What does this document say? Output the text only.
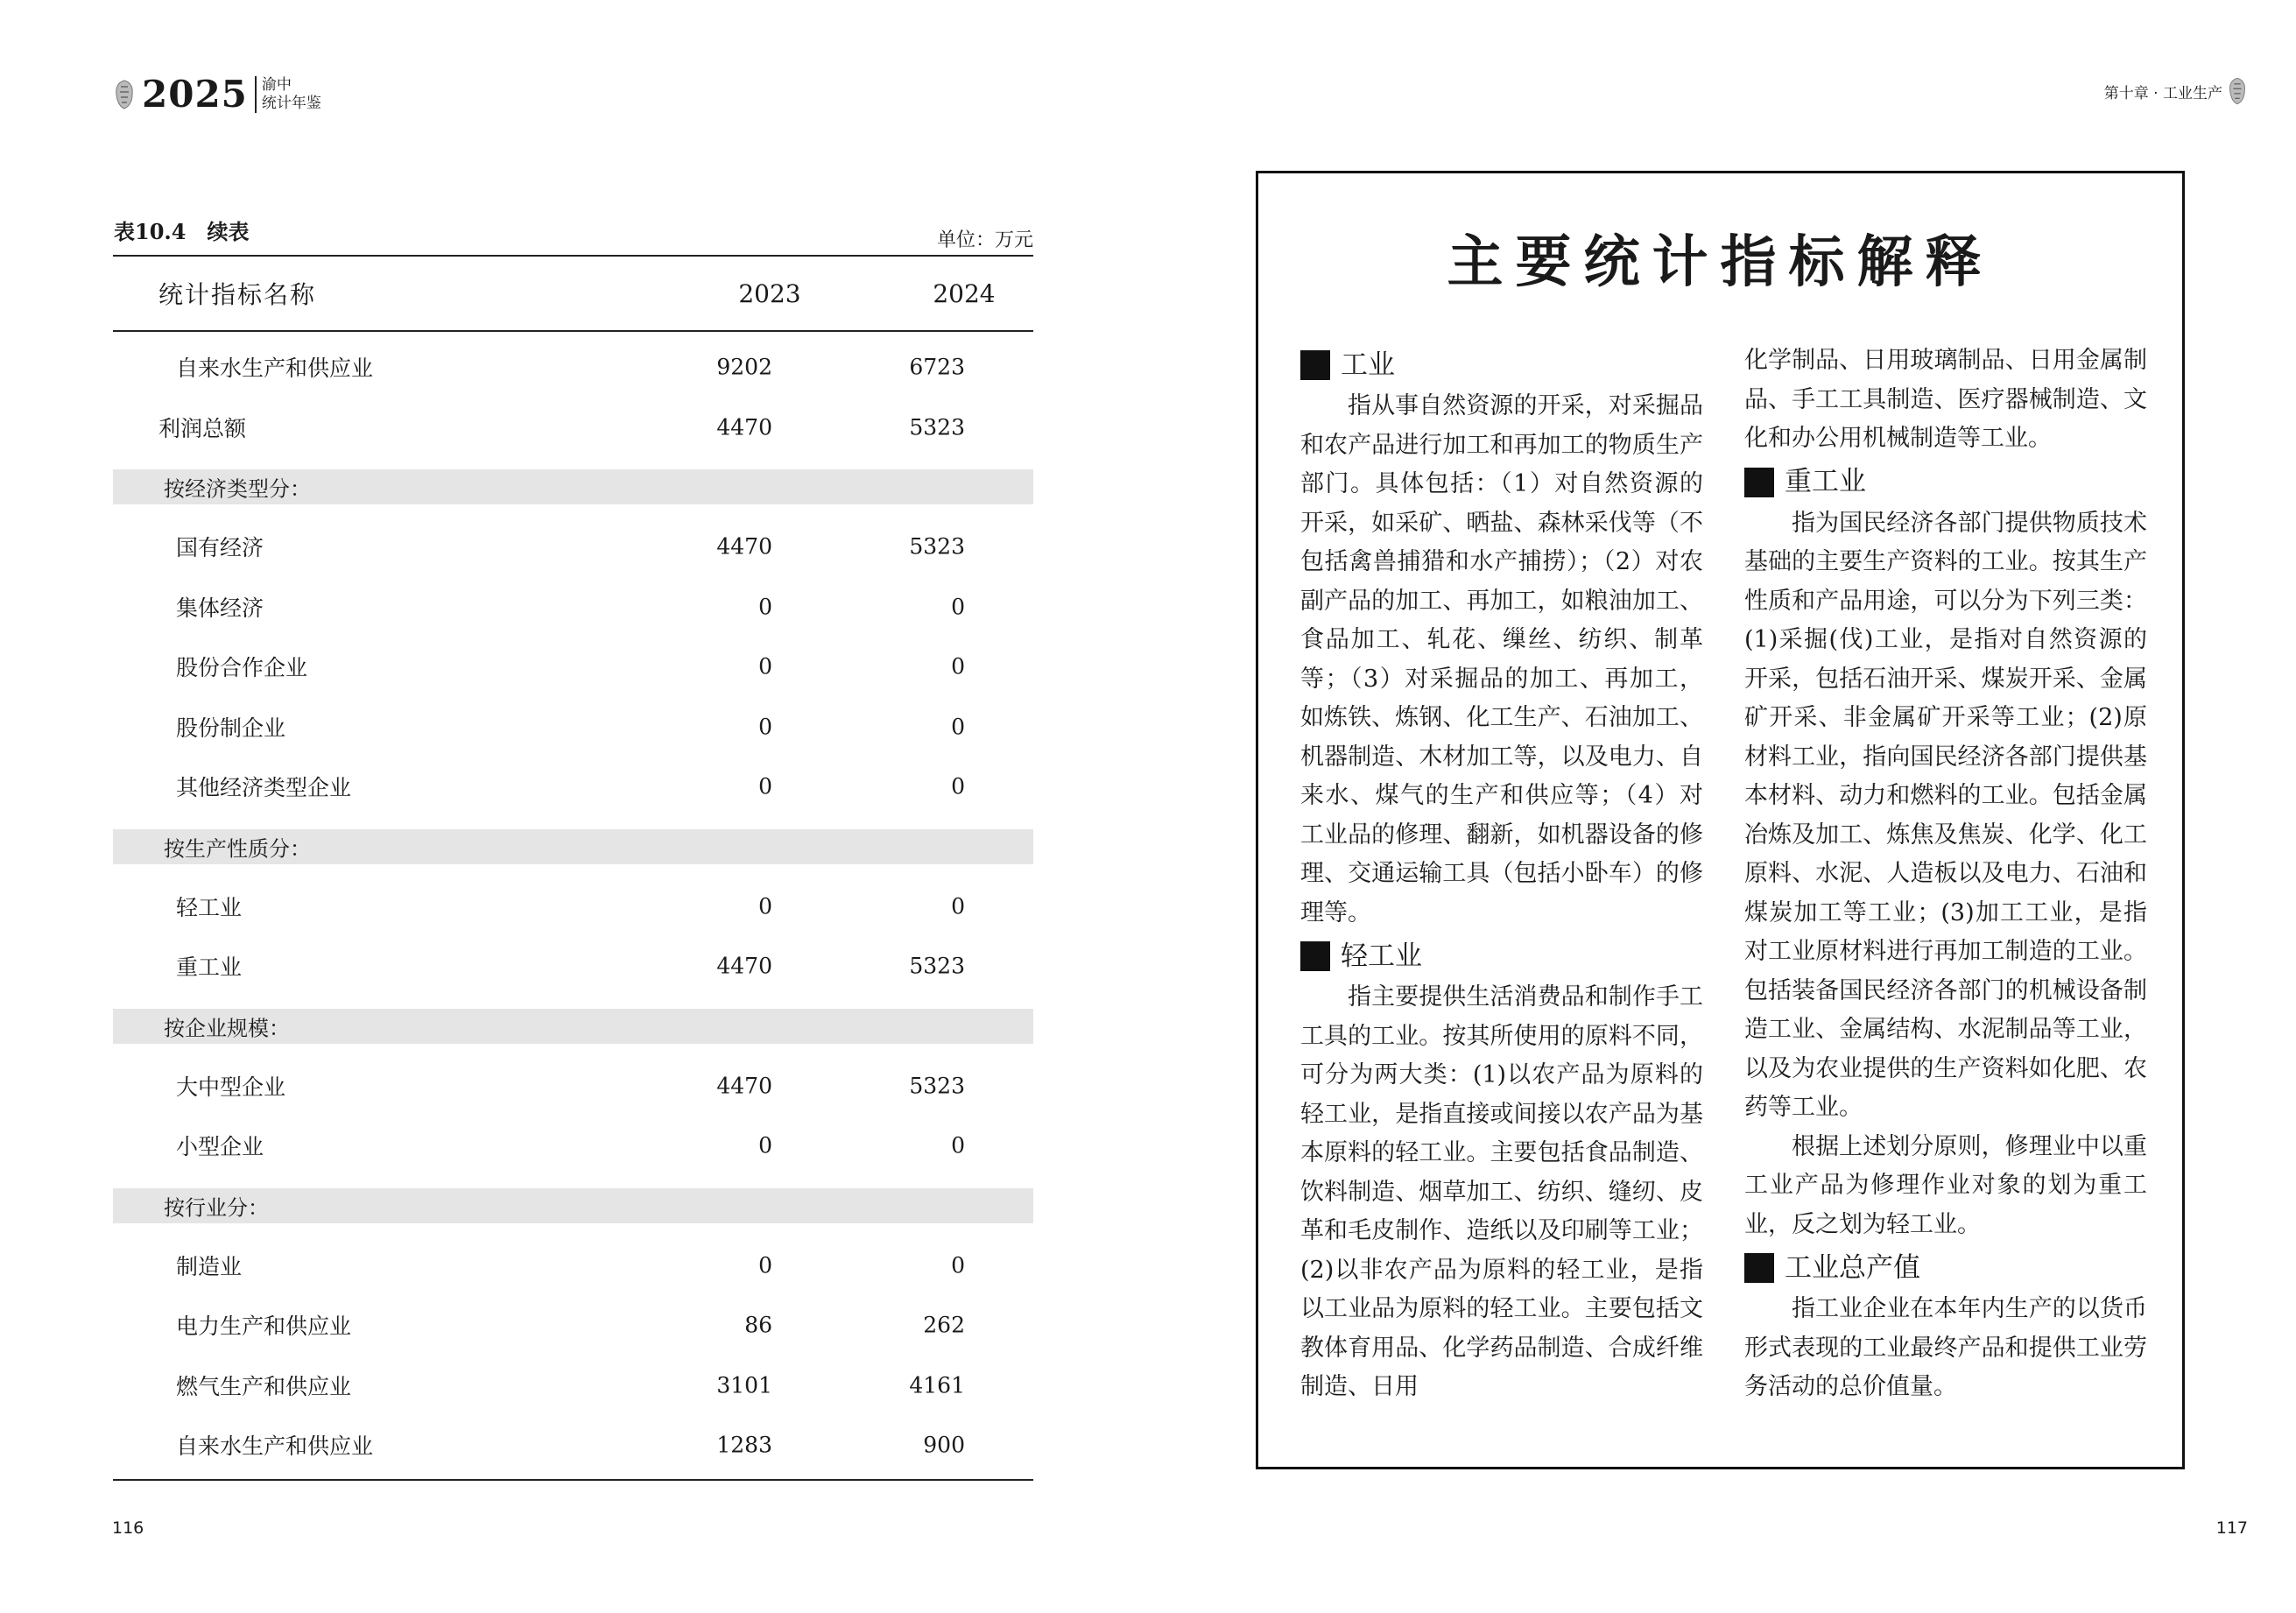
2025 渝中
统计年鉴
表10.4　续表	单位：万元
统计指标名称	2023	2024
自来水生产和供应业	9202	6723
利润总额	4470	5323
按经济类型分：
国有经济	4470	5323
集体经济	0	0
股份合作企业	0	0
股份制企业	0	0
其他经济类型企业	0	0
按生产性质分：
轻工业	0	0
重工业	4470	5323
按企业规模：
大中型企业	4470	5323
小型企业	0	0
按行业分：
制造业	0	0
电力生产和供应业	86	262
燃气生产和供应业	3101	4161
自来水生产和供应业	1283	900
116
第十章 · 工业生产
主要统计指标解释
工业

指从事自然资源的开采，对采掘品和农产品进行加工和再加工的物质生产部门。具体包括：（1）对自然资源的开采，如采矿、晒盐、森林采伐等（不包括禽兽捕猎和水产捕捞）；（2）对农副产品的加工、再加工，如粮油加工、食品加工、轧花、缫丝、纺织、制革等；（3）对采掘品的加工、再加工，如炼铁、炼钢、化工生产、石油加工、机器制造、木材加工等，以及电力、自来水、煤气的生产和供应等；（4）对工业品的修理、翻新，如机器设备的修理、交通运输工具（包括小卧车）的修理等。

轻工业

指主要提供生活消费品和制作手工工具的工业。按其所使用的原料不同，可分为两大类：(1)以农产品为原料的轻工业，是指直接或间接以农产品为基本原料的轻工业。主要包括食品制造、饮料制造、烟草加工、纺织、缝纫、皮革和毛皮制作、造纸以及印刷等工业；(2)以非农产品为原料的轻工业，是指以工业品为原料的轻工业。主要包括文教体育用品、化学药品制造、合成纤维制造、日用

化学制品、日用玻璃制品、日用金属制品、手工工具制造、医疗器械制造、文化和办公用机械制造等工业。

重工业

指为国民经济各部门提供物质技术基础的主要生产资料的工业。按其生产性质和产品用途，可以分为下列三类：(1)采掘(伐)工业，是指对自然资源的开采，包括石油开采、煤炭开采、金属矿开采、非金属矿开采等工业；(2)原材料工业，指向国民经济各部门提供基本材料、动力和燃料的工业。包括金属冶炼及加工、炼焦及焦炭、化学、化工原料、水泥、人造板以及电力、石油和煤炭加工等工业；(3)加工工业，是指对工业原材料进行再加工制造的工业。包括装备国民经济各部门的机械设备制造工业、金属结构、水泥制品等工业，以及为农业提供的生产资料如化肥、农药等工业。

根据上述划分原则，修理业中以重工业产品为修理作业对象的划为重工业，反之划为轻工业。

工业总产值

指工业企业在本年内生产的以货币形式表现的工业最终产品和提供工业劳务活动的总价值量。

117
